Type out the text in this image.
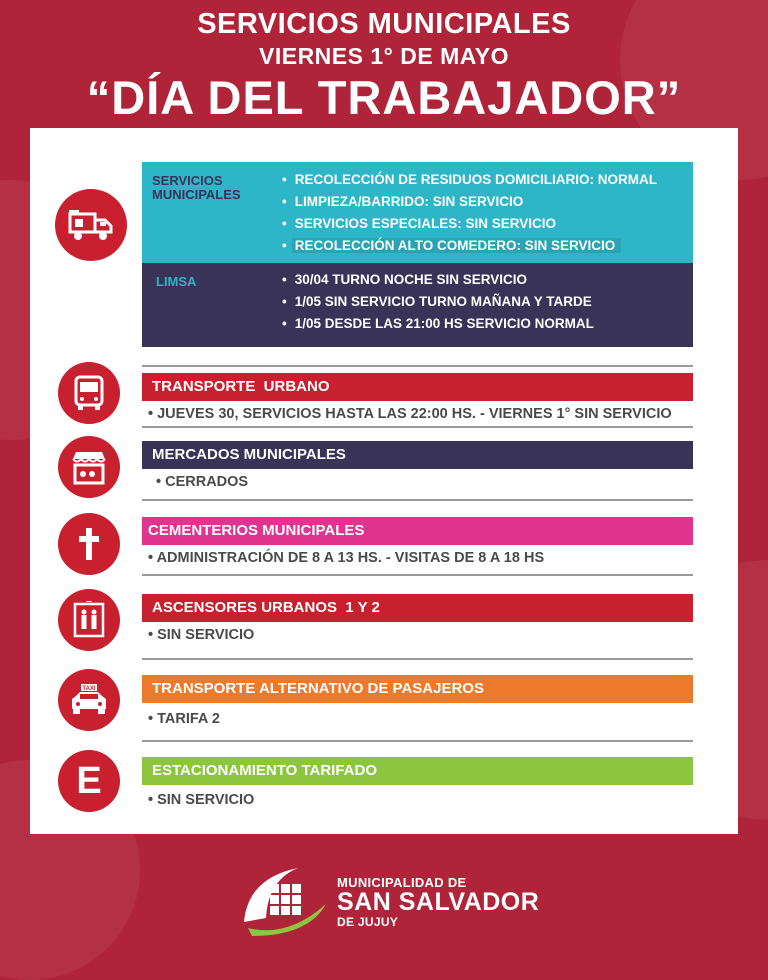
SERVICIOS MUNICIPALES
VIERNES 1° DE MAYO
“DÍA DEL TRABAJADOR”
SERVICIOS MUNICIPALES
• RECOLECCIÓN DE RESIDUOS DOMICILIARIO: NORMAL
• LIMPIEZA/BARRIDO: SIN SERVICIO
• SERVICIOS ESPECIALES: SIN SERVICIO
• RECOLECCIÓN ALTO COMEDERO: SIN SERVICIO
LIMSA
•	30/04 TURNO NOCHE SIN SERVICIO
• 1/05 SIN SERVICIO TURNO MAÑANA Y TARDE
• 1/05 DESDE LAS 21:00 HS SERVICIO NORMAL
TRANSPORTE  URBANO
• JUEVES 30, SERVICIOS HASTA LAS 22:00 HS. - VIERNES 1° SIN SERVICIO
MERCADOS MUNICIPALES
• CERRADOS
CEMENTERIOS MUNICIPALES
• ADMINISTRACIÓN DE 8 A 13 HS. - VISITAS DE 8 A 18 HS
ASCENSORES URBANOS  1 Y 2
• SIN SERVICIO
TAXI	TRANSPORTE ALTERNATIVO DE PASAJEROS
• TARIFA 2
E	ESTACIONAMIENTO TARIFADO
• SIN SERVICIO
MUNICIPALIDAD DE
SAN SALVADOR
DE JUJUY
